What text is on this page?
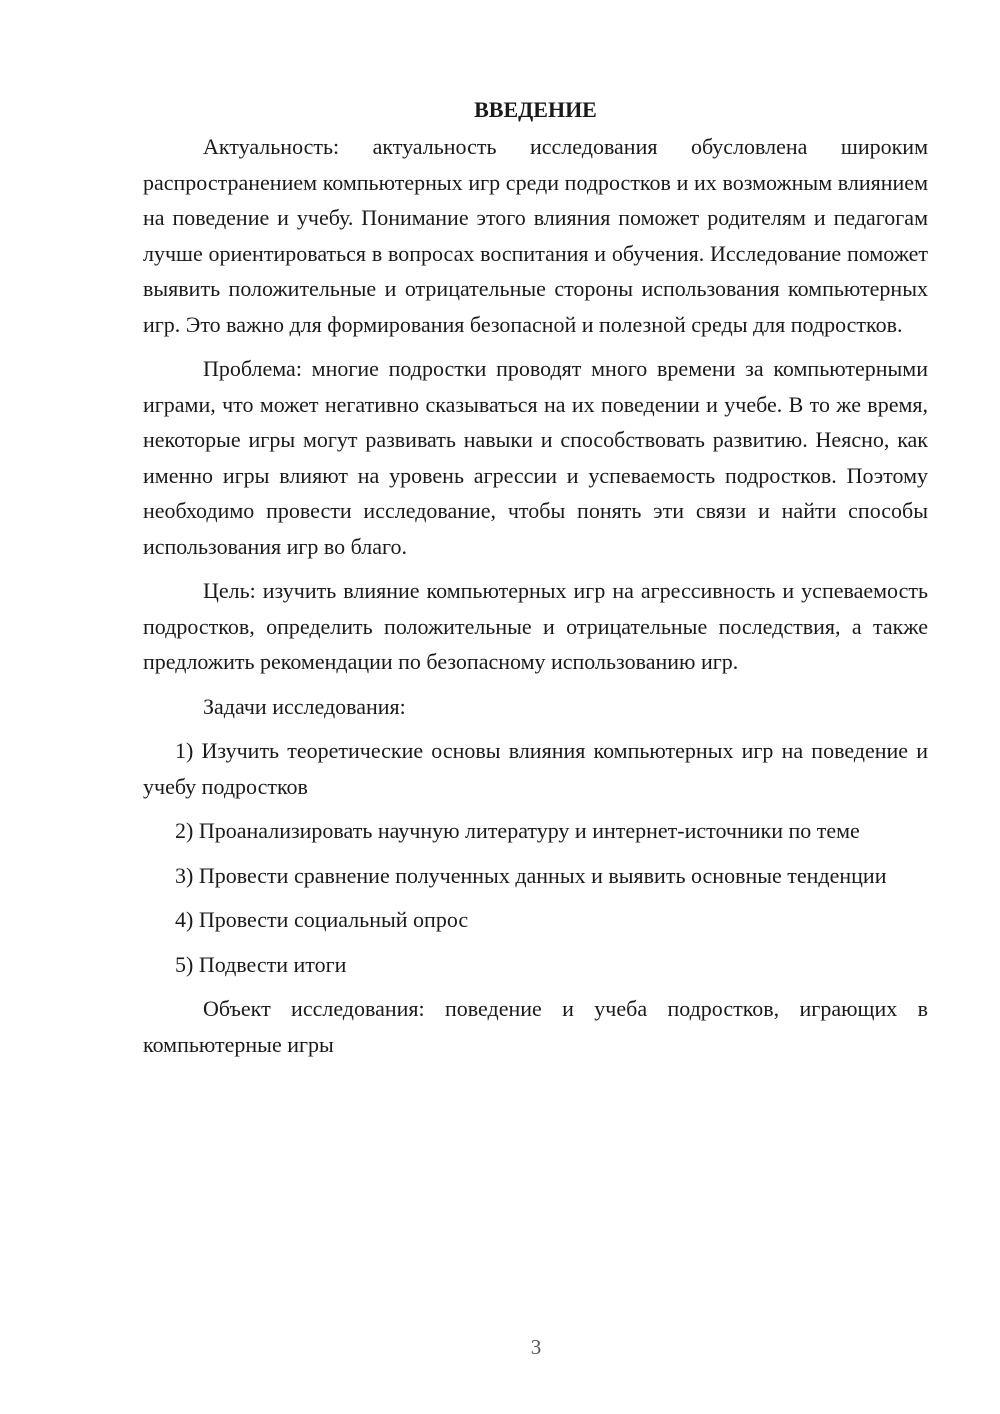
ВВЕДЕНИЕ

Актуальность: актуальность исследования обусловлена широким распространением компьютерных игр среди подростков и их возможным влиянием на поведение и учебу. Понимание этого влияния поможет родителям и педагогам лучше ориентироваться в вопросах воспитания и обучения. Исследование поможет выявить положительные и отрицательные стороны использования компьютерных игр. Это важно для формирования безопасной и полезной среды для подростков.

Проблема: многие подростки проводят много времени за компьютерными играми, что может негативно сказываться на их поведении и учебе. В то же время, некоторые игры могут развивать навыки и способствовать развитию. Неясно, как именно игры влияют на уровень агрессии и успеваемость подростков. Поэтому необходимо провести исследование, чтобы понять эти связи и найти способы использования игр во благо.

Цель: изучить влияние компьютерных игр на агрессивность и успеваемость подростков, определить положительные и отрицательные последствия, а также предложить рекомендации по безопасному использованию игр.

Задачи исследования:

1) Изучить теоретические основы влияния компьютерных игр на поведение и учебу подростков

2) Проанализировать научную литературу и интернет-источники по теме

3) Провести сравнение полученных данных и выявить основные тенденции

4) Провести социальный опрос

5) Подвести итоги

Объект исследования: поведение и учеба подростков, играющих в компьютерные игры

3
